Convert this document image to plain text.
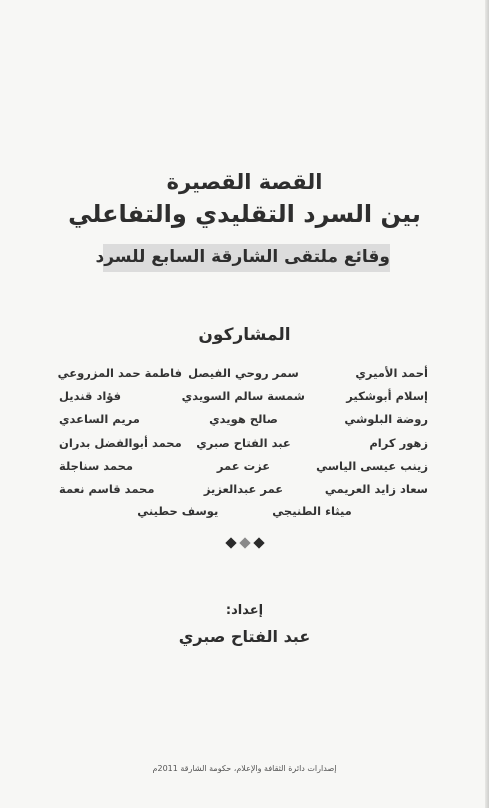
القصة القصيرة
بين السرد التقليدي والتفاعلي
وقائع ملتقى الشارقة السابع للسرد
المشاركون
أحمد الأميري
سمر روحي الفيصل
فاطمة حمد المزروعي
إسلام أبوشكير
شمسة سالم السويدي
فؤاد قنديل
روضة البلوشي
صالح هويدي
مريم الساعدي
زهور كرام
عبد الفتاح صبري
محمد أبوالفضل بدران
زينب عيسى الياسي
عزت عمر
محمد سناجلة
سعاد زايد العريمي
عمر عبدالعزيز
محمد قاسم نعمة
ميثاء الطنيجي
يوسف حطيني
إعداد:
عبد الفتاح صبري
إصدارات دائرة الثقافة والإعلام، حكومة الشارقة 2011م
